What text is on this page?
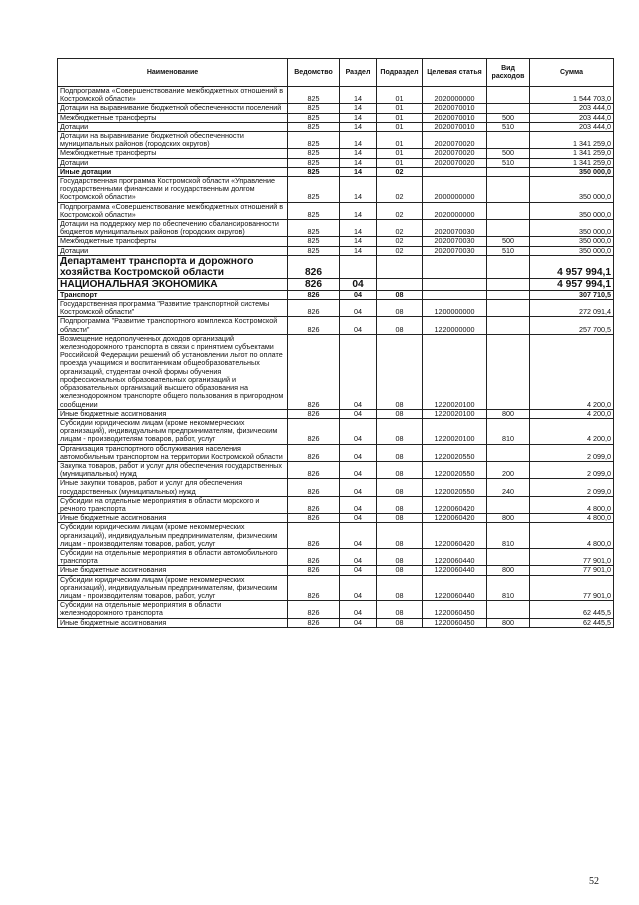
Наименование	Ведомство	Раздел	Подраздел	Целевая статья	Вид расходов	Сумма
Подпрограмма «Совершенствование межбюджетных отношений в Костромской области»	825	14	01	2020000000		1 544 703,0
Дотации на выравнивание бюджетной обеспеченности поселений	825	14	01	2020070010		203 444,0
Межбюджетные трансферты	825	14	01	2020070010	500	203 444,0
Дотации	825	14	01	2020070010	510	203 444,0
Дотации на выравнивание бюджетной обеспеченности муниципальных районов (городских округов)	825	14	01	2020070020		1 341 259,0
Межбюджетные трансферты	825	14	01	2020070020	500	1 341 259,0
Дотации	825	14	01	2020070020	510	1 341 259,0
Иные дотации	825	14	02			350 000,0
Государственная программа Костромской области «Управление государственными финансами и государственным долгом Костромской области»	825	14	02	2000000000		350 000,0
Подпрограмма «Совершенствование межбюджетных отношений в Костромской области»	825	14	02	2020000000		350 000,0
Дотации на поддержку мер по обеспечению сбалансированности бюджетов муниципальных районов (городских округов)	825	14	02	2020070030		350 000,0
Межбюджетные трансферты	825	14	02	2020070030	500	350 000,0
Дотации	825	14	02	2020070030	510	350 000,0
Департамент транспорта и дорожного хозяйства Костромской области	826					4 957 994,1
НАЦИОНАЛЬНАЯ ЭКОНОМИКА	826	04				4 957 994,1
Транспорт	826	04	08			307 710,5
Государственная программа "Развитие транспортной системы Костромской области"	826	04	08	1200000000		272 091,4
Подпрограмма "Развитие транспортного комплекса Костромской области"	826	04	08	1220000000		257 700,5
Возмещение недополученных доходов организаций железнодорожного транспорта в связи с принятием субъектами Российской Федерации решений об установлении льгот по оплате проезда учащимся и воспитанникам общеобразовательных организаций, студентам очной формы обучения профессиональных образовательных организаций и образовательных организаций высшего образования на железнодорожном транспорте общего пользования в пригородном сообщении	826	04	08	1220020100		4 200,0
Иные бюджетные ассигнования	826	04	08	1220020100	800	4 200,0
Субсидии юридическим лицам (кроме некоммерческих организаций), индивидуальным предпринимателям, физическим лицам - производителям товаров, работ, услуг	826	04	08	1220020100	810	4 200,0
Организация транспортного обслуживания населения автомобильным транспортом на территории Костромской области	826	04	08	1220020550		2 099,0
Закупка товаров, работ и услуг для обеспечения государственных (муниципальных) нужд	826	04	08	1220020550	200	2 099,0
Иные закупки товаров, работ и услуг для обеспечения государственных (муниципальных) нужд	826	04	08	1220020550	240	2 099,0
Субсидии на отдельные мероприятия в области морского и речного транспорта	826	04	08	1220060420		4 800,0
Иные бюджетные ассигнования	826	04	08	1220060420	800	4 800,0
Субсидии юридическим лицам (кроме некоммерческих организаций), индивидуальным предпринимателям, физическим лицам - производителям товаров, работ, услуг	826	04	08	1220060420	810	4 800,0
Субсидии на отдельные мероприятия в области автомобильного транспорта	826	04	08	1220060440		77 901,0
Иные бюджетные ассигнования	826	04	08	1220060440	800	77 901,0
Субсидии юридическим лицам (кроме некоммерческих организаций), индивидуальным предпринимателям, физическим лицам - производителям товаров, работ, услуг	826	04	08	1220060440	810	77 901,0
Субсидии на отдельные мероприятия в области железнодорожного транспорта	826	04	08	1220060450		62 445,5
Иные бюджетные ассигнования	826	04	08	1220060450	800	62 445,5
52
